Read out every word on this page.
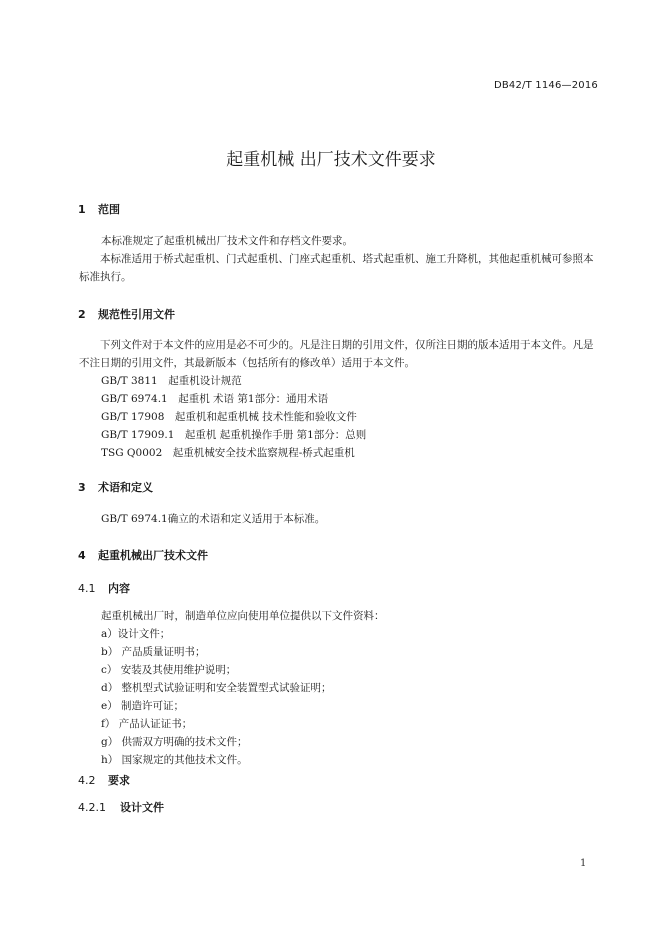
DB42/T 1146—2016
起重机械 出厂技术文件要求
1 范围
本标准规定了起重机械出厂技术文件和存档文件要求。
本标准适用于桥式起重机、门式起重机、门座式起重机、塔式起重机、施工升降机，其他起重机械可参照本标准执行。
2 规范性引用文件
下列文件对于本文件的应用是必不可少的。凡是注日期的引用文件，仅所注日期的版本适用于本文件。凡是不注日期的引用文件，其最新版本（包括所有的修改单）适用于本文件。
GB/T 3811　起重机设计规范
GB/T 6974.1　起重机 术语 第1部分：通用术语
GB/T 17908　起重机和起重机械 技术性能和验收文件
GB/T 17909.1　起重机 起重机操作手册 第1部分：总则
TSG Q0002　起重机械安全技术监察规程-桥式起重机
3 术语和定义
GB/T 6974.1确立的术语和定义适用于本标准。
4 起重机械出厂技术文件
4.1 内容
起重机械出厂时，制造单位应向使用单位提供以下文件资料：
a）设计文件；
b） 产品质量证明书；
c） 安装及其使用维护说明；
d） 整机型式试验证明和安全装置型式试验证明；
e） 制造许可证；
f） 产品认证证书；
g） 供需双方明确的技术文件；
h） 国家规定的其他技术文件。
4.2 要求
4.2.1 设计文件
1
